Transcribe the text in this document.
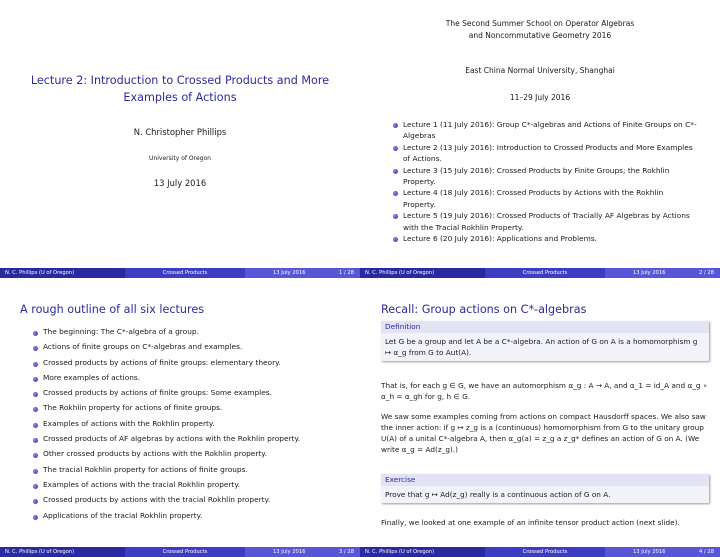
Lecture 2: Introduction to Crossed Products and More
Examples of Actions
N. Christopher Phillips
University of Oregon
13 July 2016
N. C. Phillips (U of Oregon)	Crossed Products	13 July 2016	1 / 28
The Second Summer School on Operator Algebras
and Noncommutative Geometry 2016
East China Normal University, Shanghai
11–29 July 2016
Lecture 1 (11 July 2016): Group C*-algebras and Actions of Finite Groups on C*-Algebras
Lecture 2 (13 July 2016): Introduction to Crossed Products and More Examples of Actions.
Lecture 3 (15 July 2016): Crossed Products by Finite Groups; the Rokhlin Property.
Lecture 4 (18 July 2016): Crossed Products by Actions with the Rokhlin Property.
Lecture 5 (19 July 2016): Crossed Products of Tracially AF Algebras by Actions with the Tracial Rokhlin Property.
Lecture 6 (20 July 2016): Applications and Problems.
N. C. Phillips (U of Oregon)	Crossed Products	13 July 2016	2 / 28
A rough outline of all six lectures
The beginning: The C*-algebra of a group.
Actions of finite groups on C*-algebras and examples.
Crossed products by actions of finite groups: elementary theory.
More examples of actions.
Crossed products by actions of finite groups: Some examples.
The Rokhlin property for actions of finite groups.
Examples of actions with the Rokhlin property.
Crossed products of AF algebras by actions with the Rokhlin property.
Other crossed products by actions with the Rokhlin property.
The tracial Rokhlin property for actions of finite groups.
Examples of actions with the tracial Rokhlin property.
Crossed products by actions with the tracial Rokhlin property.
Applications of the tracial Rokhlin property.
N. C. Phillips (U of Oregon)	Crossed Products	13 July 2016	3 / 28
Recall: Group actions on C*-algebras
Definition
Let G be a group and let A be a C*-algebra. An action of G on A is a homomorphism g ↦ α_g from G to Aut(A).
That is, for each g ∈ G, we have an automorphism α_g : A → A, and α_1 = id_A and α_g ∘ α_h = α_gh for g, h ∈ G.
We saw some examples coming from actions on compact Hausdorff spaces. We also saw the inner action: if g ↦ z_g is a (continuous) homomorphism from G to the unitary group U(A) of a unital C*-algebra A, then α_g(a) = z_g a z_g* defines an action of G on A. (We write α_g = Ad(z_g).)
Exercise
Prove that g ↦ Ad(z_g) really is a continuous action of G on A.
Finally, we looked at one example of an infinite tensor product action (next slide).
N. C. Phillips (U of Oregon)	Crossed Products	13 July 2016	4 / 28
